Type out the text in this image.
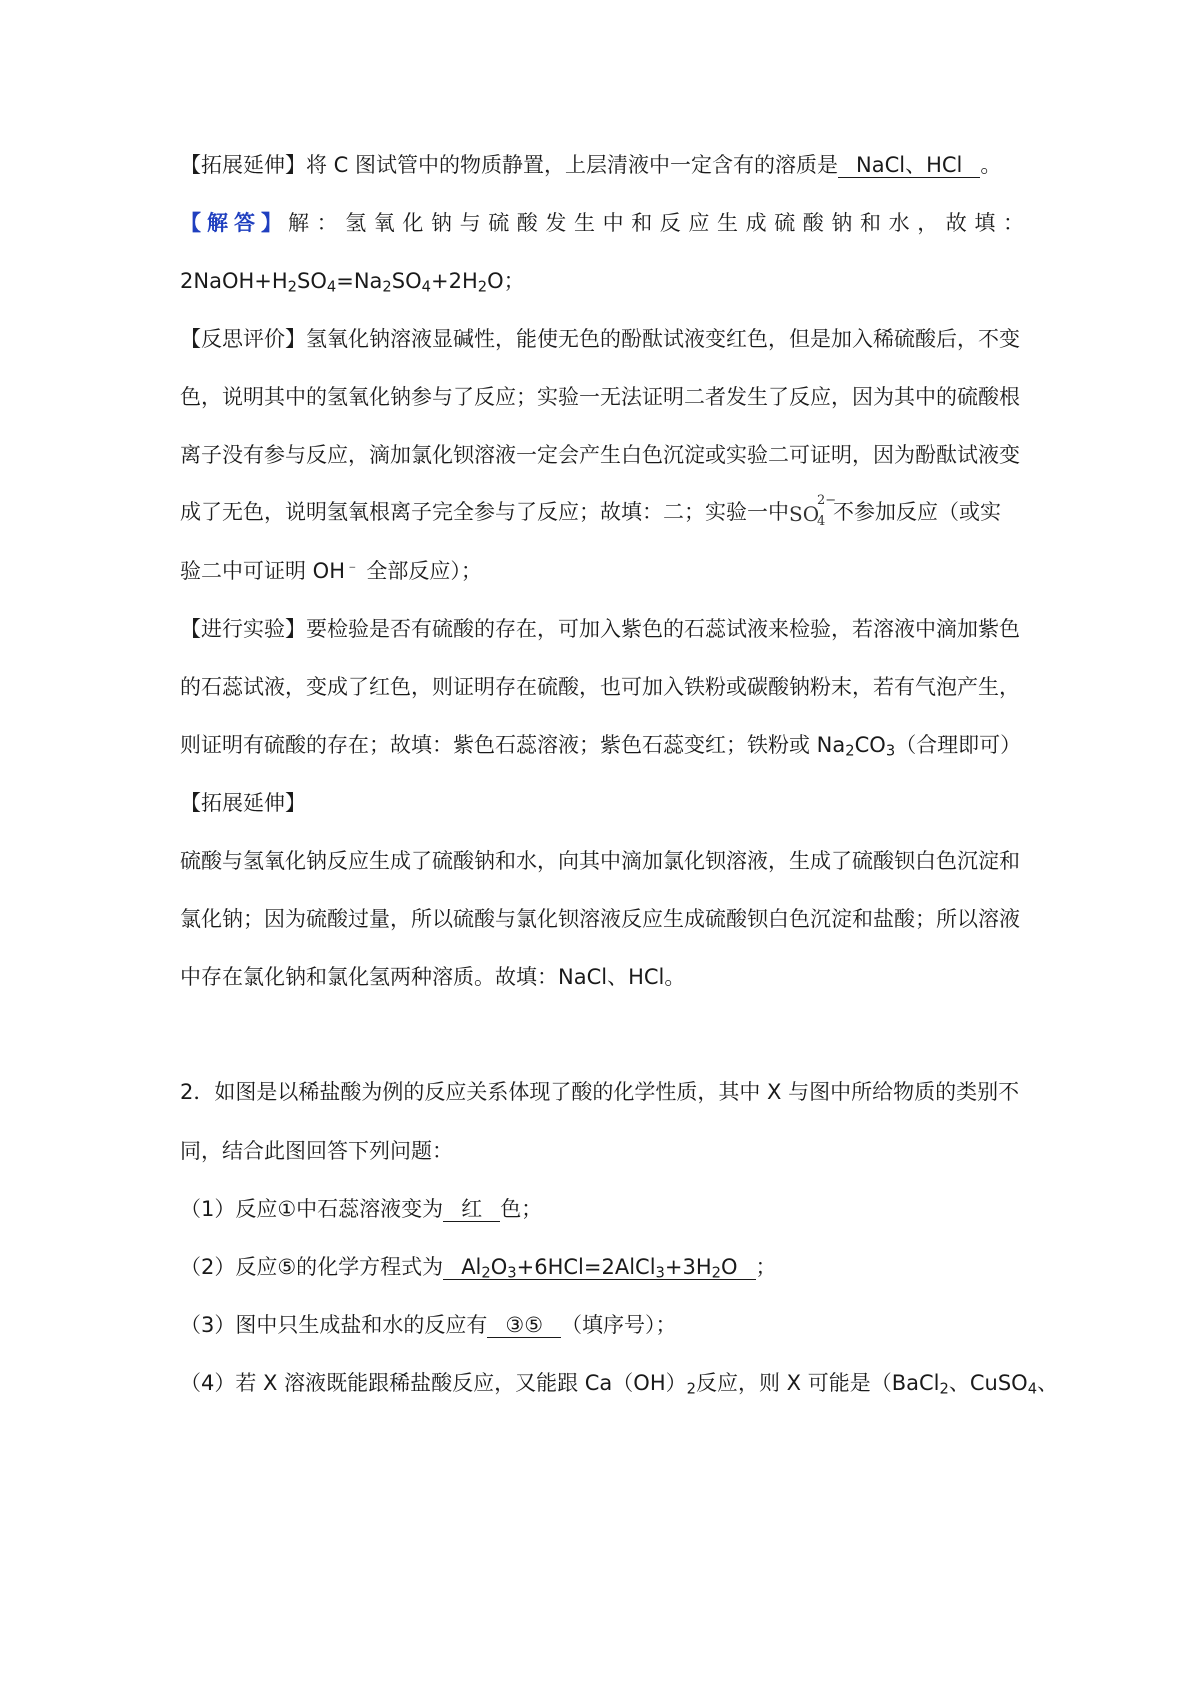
【拓展延伸】将 C 图试管中的物质静置，上层清液中一定含有的溶质是 NaCl、HCl 。
【解答】 解：氢氧化钠与硫酸发生中和反应生成硫酸钠和水，故填：
$2NaOH+H_2SO_4=Na_2SO_4+2H_2O$；
【反思评价】氢氧化钠溶液显碱性，能使无色的酚酞试液变红色，但是加入稀硫酸后，不变
色，说明其中的氢氧化钠参与了反应；实验一无法证明二者发生了反应，因为其中的硫酸根
离子没有参与反应，滴加氯化钡溶液一定会产生白色沉淀或实验二可证明，因为酚酞试液变
成了无色，说明氢氧根离子完全参与了反应；故填：二；实验一中SO
2−
4 不参加反应（或实
验二中可证明 OH﹣ 全部反应）；
【进行实验】要检验是否有硫酸的存在，可加入紫色的石蕊试液来检验，若溶液中滴加紫色
的石蕊试液，变成了红色，则证明存在硫酸，也可加入铁粉或碳酸钠粉末，若有气泡产生，
则证明有硫酸的存在；故填：紫色石蕊溶液；紫色石蕊变红；铁粉或 $Na_2CO_3$（合理即可）
【拓展延伸】
硫酸与氢氧化钠反应生成了硫酸钠和水，向其中滴加氯化钡溶液，生成了硫酸钡白色沉淀和
氯化钠；因为硫酸过量，所以硫酸与氯化钡溶液反应生成硫酸钡白色沉淀和盐酸；所以溶液
中存在氯化钠和氯化氢两种溶质。故填：NaCl、HCl。
2．如图是以稀盐酸为例的反应关系体现了酸的化学性质，其中 X 与图中所给物质的类别不
同，结合此图回答下列问题：
（1）反应①中石蕊溶液变为 红 色；
（2）反应⑤的化学方程式为 $Al_2O_3+6HCl=2AlCl_3+3H_2O$ ；
（3）图中只生成盐和水的反应有 ③⑤ （填序号）；
（4）若 X 溶液既能跟稀盐酸反应，又能跟 $Ca(OH)_2$反应，则 X 可能是（BaCl$_2$、CuSO$_4$、
